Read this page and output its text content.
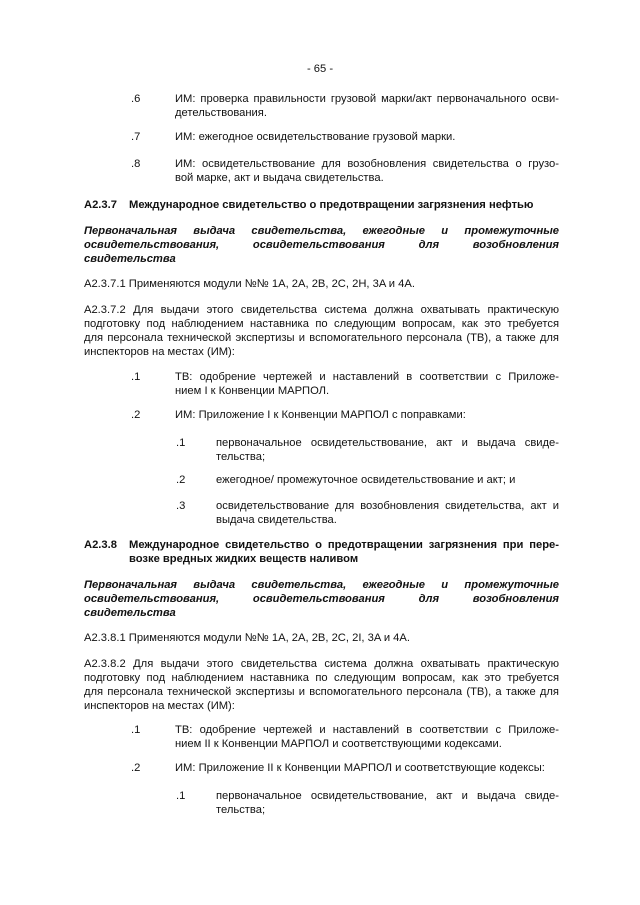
- 65 -
.6	ИМ: проверка правильности грузовой марки/акт первоначального осви-
детельствования.
.7	ИМ: ежегодное освидетельствование грузовой марки.
.8	ИМ: освидетельствование для возобновления свидетельства о грузо-
вой марке, акт и выдача свидетельства.
A2.3.7 Международное свидетельство о предотвращении загрязнения нефтью
Первоначальная выдача свидетельства, ежегодные и промежуточные
освидетельствования, освидетельствования для возобновления
свидетельства
A2.3.7.1 Применяются модули №№ 1A, 2A, 2B, 2C, 2H, 3A и 4A.
A2.3.7.2 Для выдачи этого свидетельства система должна охватывать практическую
подготовку под наблюдением наставника по следующим вопросам, как это требуется
для персонала технической экспертизы и вспомогательного персонала (ТВ), а также для
инспекторов на местах (ИМ):
.1	ТВ: одобрение чертежей и наставлений в соответствии с Приложе-
нием I к Конвенции МАРПОЛ.
.2	ИМ: Приложение I к Конвенции МАРПОЛ с поправками:
.1	первоначальное освидетельствование, акт и выдача свиде-
тельства;
.2	ежегодное/ промежуточное освидетельствование и акт; и
.3	освидетельствование для возобновления свидетельства, акт и
выдача свидетельства.
A2.3.8 Международное свидетельство о предотвращении загрязнения при пере-
возке вредных жидких веществ наливом
Первоначальная выдача свидетельства, ежегодные и промежуточные
освидетельствования, освидетельствования для возобновления
свидетельства
A2.3.8.1 Применяются модули №№ 1A, 2A, 2B, 2C, 2I, 3A и 4A.
A2.3.8.2 Для выдачи этого свидетельства система должна охватывать практическую
подготовку под наблюдением наставника по следующим вопросам, как это требуется
для персонала технической экспертизы и вспомогательного персонала (ТВ), а также для
инспекторов на местах (ИМ):
.1	ТВ: одобрение чертежей и наставлений в соответствии с Приложе-
нием II к Конвенции МАРПОЛ и соответствующими кодексами.
.2	ИМ: Приложение II к Конвенции МАРПОЛ и соответствующие кодексы:
.1	первоначальное освидетельствование, акт и выдача свиде-
тельства;
